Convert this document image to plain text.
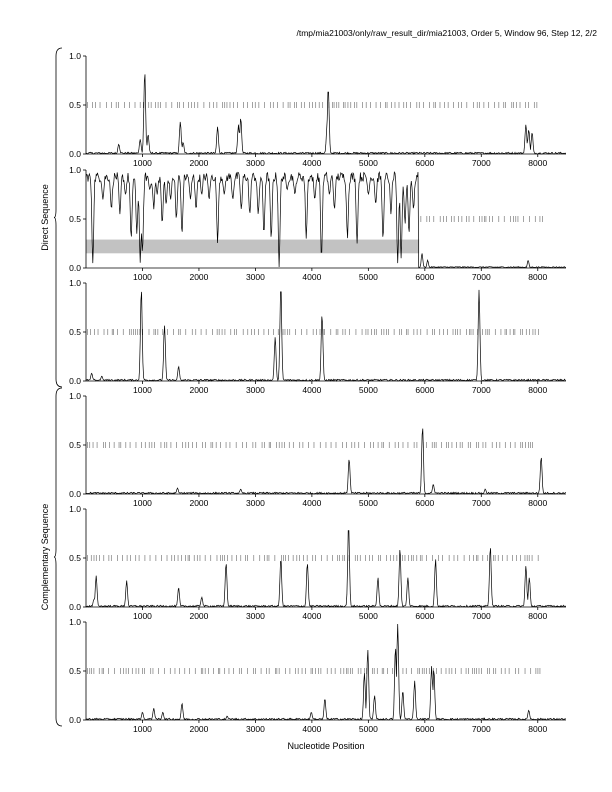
/tmp/mia21003/only/raw_result_dir/mia21003, Order 5, Window 96, Step 12, 2/2
0.0
0.5
1.0
1000	2000	3000	4000	5000	6000	7000	8000
0.0
0.5
1.0
1000	2000	3000	4000	5000	6000	7000	8000
0.0
0.5
1.0
1000	2000	3000	4000	5000	6000	7000	8000
0.0
0.5
1.0
1000	2000	3000	4000	5000	6000	7000	8000
0.0
0.5
1.0
1000	2000	3000	4000	5000	6000	7000	8000
0.0
0.5
1.0
1000	2000	3000	4000	5000	6000	7000	8000
Direct Sequence
Complementary Sequence
Nucleotide Position
